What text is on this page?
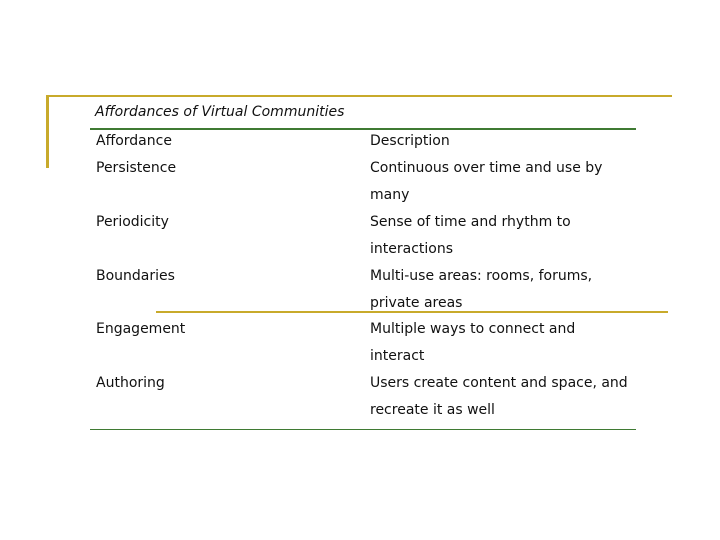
Affordances of Virtual Communities
Affordance	Description
Persistence	Continuous over time and use by many
Periodicity	Sense of time and rhythm to interactions
Boundaries	Multi-use areas: rooms, forums, private areas
Engagement	Multiple ways to connect and interact
Authoring	Users create content and space, and recreate it as well
